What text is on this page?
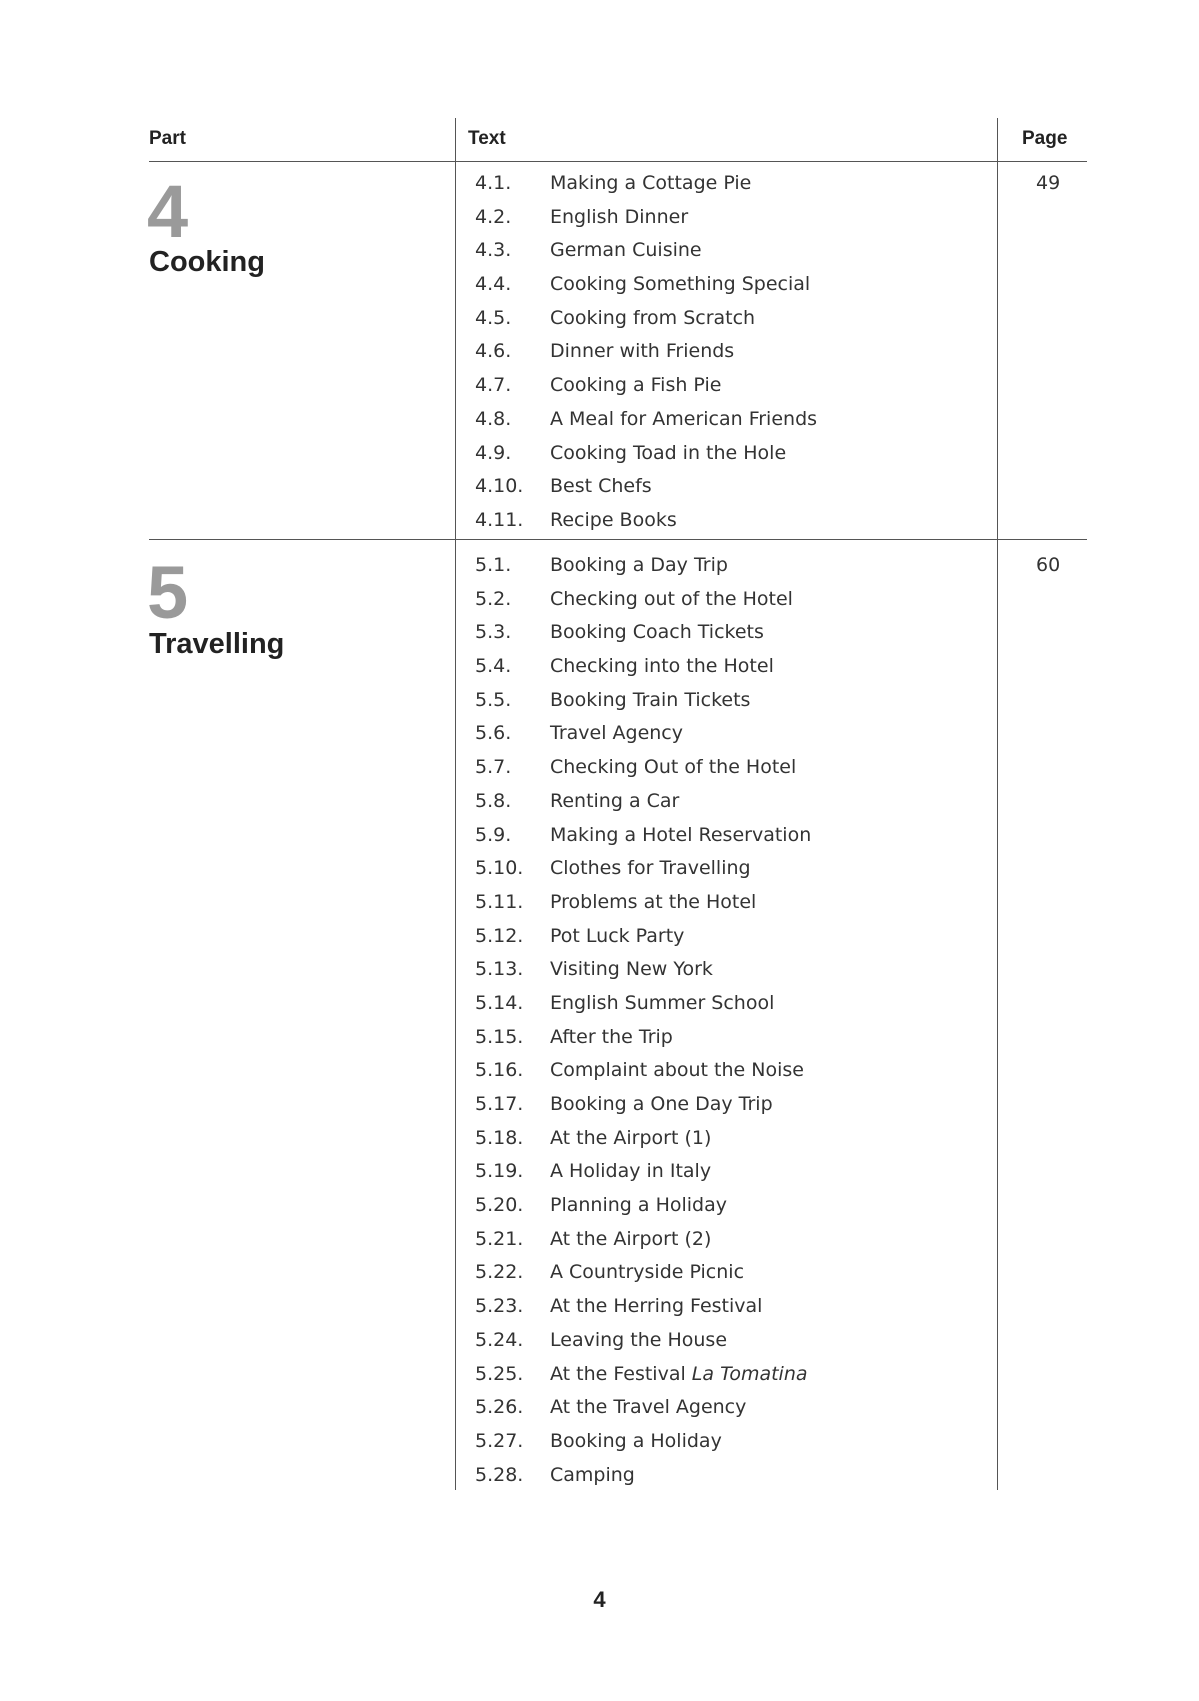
Part	Text	Page
4
Cooking
49
4.1. Making a Cottage Pie
4.2. English Dinner
4.3. German Cuisine
4.4. Cooking Something Special
4.5. Cooking from Scratch
4.6. Dinner with Friends
4.7. Cooking a Fish Pie
4.8. A Meal for American Friends
4.9. Cooking Toad in the Hole
4.10. Best Chefs
4.11. Recipe Books
5
Travelling
60
5.1. Booking a Day Trip
5.2. Checking out of the Hotel
5.3. Booking Coach Tickets
5.4. Checking into the Hotel
5.5. Booking Train Tickets
5.6. Travel Agency
5.7. Checking Out of the Hotel
5.8. Renting a Car
5.9. Making a Hotel Reservation
5.10. Clothes for Travelling
5.11. Problems at the Hotel
5.12. Pot Luck Party
5.13. Visiting New York
5.14. English Summer School
5.15. After the Trip
5.16. Complaint about the Noise
5.17. Booking a One Day Trip
5.18. At the Airport (1)
5.19. A Holiday in Italy
5.20. Planning a Holiday
5.21. At the Airport (2)
5.22. A Countryside Picnic
5.23. At the Herring Festival
5.24. Leaving the House
5.25. At the Festival La Tomatina
5.26. At the Travel Agency
5.27. Booking a Holiday
5.28. Camping
4
